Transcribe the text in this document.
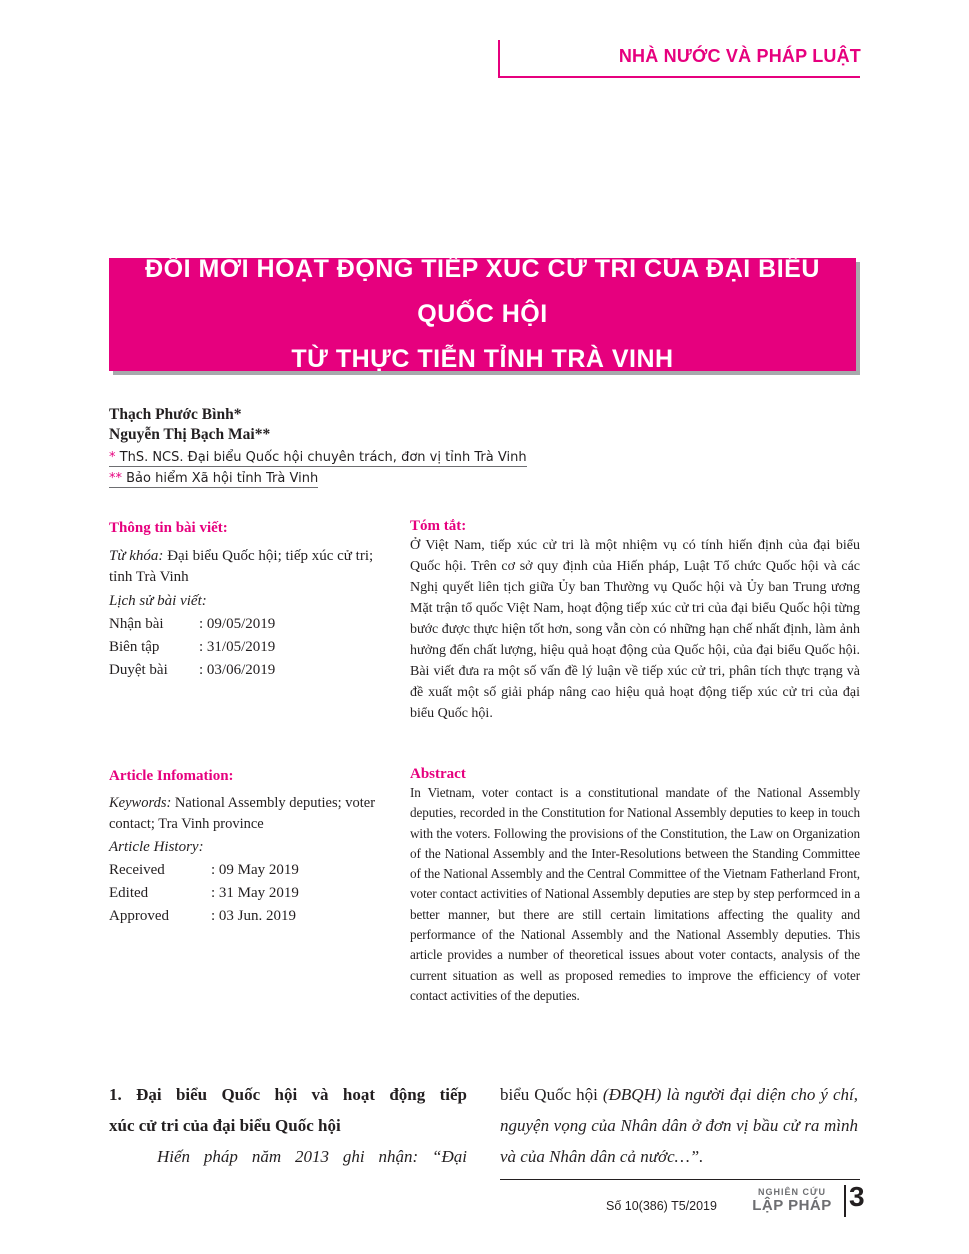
NHÀ NƯỚC VÀ PHÁP LUẬT
ĐỔI MỚI HOẠT ĐỘNG TIẾP XÚC CỬ TRI CỦA ĐẠI BIỂU QUỐC HỘI
TỪ THỰC TIỄN TỈNH TRÀ VINH
Thạch Phước Bình*
Nguyễn Thị Bạch Mai**
* ThS. NCS. Đại biểu Quốc hội chuyên trách, đơn vị tỉnh Trà Vinh
** Bảo hiểm Xã hội tỉnh Trà Vinh
Thông tin bài viết:
Từ khóa: Đại biểu Quốc hội; tiếp xúc cử tri; tỉnh Trà Vinh
Lịch sử bài viết:
Nhận bài	: 09/05/2019
Biên tập	: 31/05/2019
Duyệt bài	: 03/06/2019
Tóm tắt:
Ở Việt Nam, tiếp xúc cử tri là một nhiệm vụ có tính hiến định của đại biểu Quốc hội. Trên cơ sở quy định của Hiến pháp, Luật Tổ chức Quốc hội và các Nghị quyết liên tịch giữa Ủy ban Thường vụ Quốc hội và Ủy ban Trung ương Mặt trận tổ quốc Việt Nam, hoạt động tiếp xúc cử tri của đại biểu Quốc hội từng bước được thực hiện tốt hơn, song vẫn còn có những hạn chế nhất định, làm ảnh hưởng đến chất lượng, hiệu quả hoạt động của Quốc hội, của đại biểu Quốc hội. Bài viết đưa ra một số vấn đề lý luận về tiếp xúc cử tri, phân tích thực trạng và đề xuất một số giải pháp nâng cao hiệu quả hoạt động tiếp xúc cử tri của đại biểu Quốc hội.
Article Infomation:
Keywords: National Assembly deputies; voter contact; Tra Vinh province
Article History:
Received	: 09 May 2019
Edited	: 31 May 2019
Approved	: 03 Jun. 2019
Abstract
In Vietnam, voter contact is a constitutional mandate of the National Assembly deputies, recorded in the Constitution for National Assembly deputies to keep in touch with the voters. Following the provisions of the Constitution, the Law on Organization of the National Assembly and the Inter-Resolutions between the Standing Committee of the National Assembly and the Central Committee of the Vietnam Fatherland Front, voter contact activities of National Assembly deputies are step by step performced in a better manner, but there are still certain limitations affecting the quality and performance of the National Assembly and the National Assembly deputies. This article provides a number of theoretical issues about voter contacts, analysis of the current situation as well as proposed remedies to improve the efficiency of voter contact activities of the deputies.
1. Đại biểu Quốc hội và hoạt động tiếp
xúc cử tri của đại biểu Quốc hội
Hiến pháp năm 2013 ghi nhận: “Đại
biểu Quốc hội (ĐBQH) là người đại diện cho ý chí, nguyện vọng của Nhân dân ở đơn vị bầu cử ra mình và của Nhân dân cả nước…”.
Số 10(386) T5/2019
NGHIÊN CỨU
LẬP PHÁP 3
